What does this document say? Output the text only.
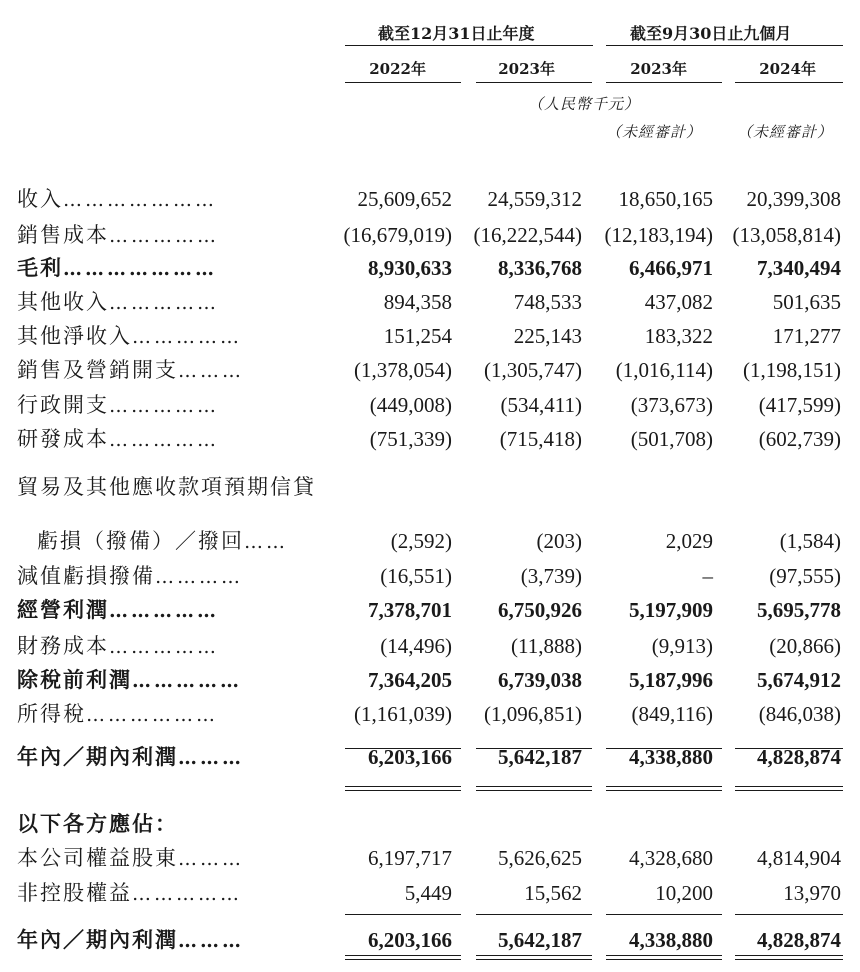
截至12月31日止年度	截至9月30日止九個月
2022年	2023年	2023年	2024年
（人民幣千元）
（未經審計） （未經審計）
收入…………………	25,609,652 24,559,312 18,650,165 20,399,308
銷售成本……………	(16,679,019) (16,222,544) (12,183,194) (13,058,814)
毛利…………………	8,930,633 8,336,768 6,466,971 7,340,494
其他收入……………	894,358	748,533	437,082	501,635
其他淨收入……………	151,254	225,143	183,322	171,277
銷售及營銷開支………	(1,378,054) (1,305,747) (1,016,114) (1,198,151)
行政開支……………	(449,008) (534,411) (373,673) (417,599)
研發成本……………	(751,339) (715,418) (501,708) (602,739)
貿易及其他應收款項預期信貸
虧損（撥備）／撥回……	(2,592)	(203)	2,029	(1,584)
減值虧損撥備…………	(16,551)	(3,739)	–	(97,555)
經營利潤……………	7,378,701 6,750,926 5,197,909 5,695,778
財務成本……………	(14,496)	(11,888)	(9,913)	(20,866)
除稅前利潤……………	7,364,205 6,739,038 5,187,996 5,674,912
所得稅………………	(1,161,039) (1,096,851) (849,116) (846,038)
年內／期內利潤………	6,203,166 5,642,187 4,338,880 4,828,874
以下各方應佔：
本公司權益股東………	6,197,717 5,626,625 4,328,680 4,814,904
非控股權益……………	5,449	15,562	10,200	13,970
年內／期內利潤………	6,203,166 5,642,187 4,338,880 4,828,874
